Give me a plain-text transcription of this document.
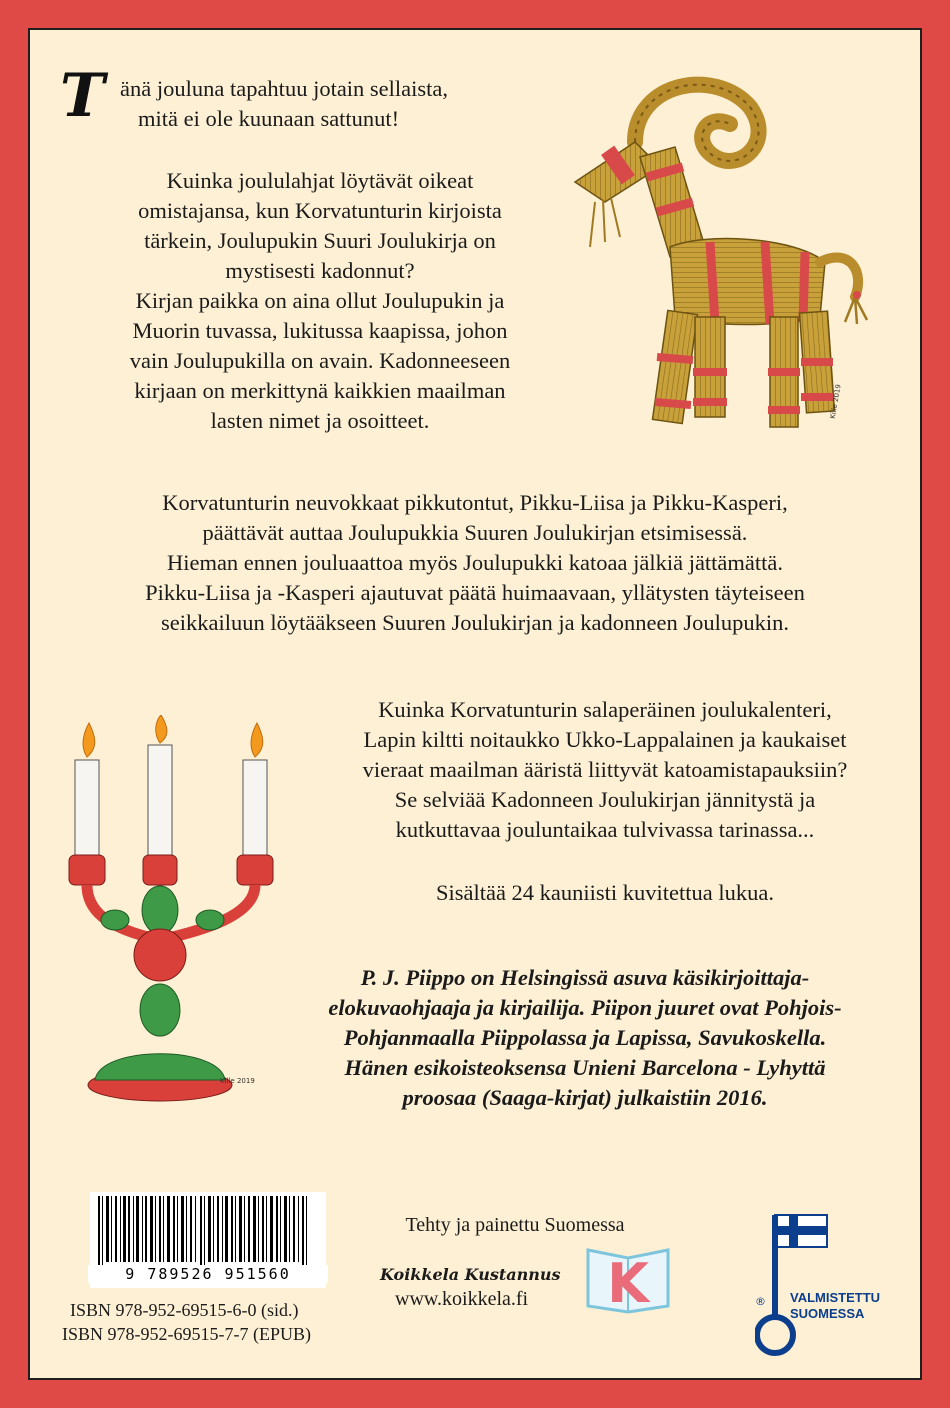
T änä jouluna tapahtuu jotain sellaista,
mitä ei ole kuunaan sattunut!
Kuinka joululahjat löytävät oikeat
omistajansa, kun Korvatunturin kirjoista
tärkein, Joulupukin Suuri Joulukirja on
mystisesti kadonnut?
Kirjan paikka on aina ollut Joulupukin ja
Muorin tuvassa, lukitussa kaapissa, johon
vain Joulupukilla on avain. Kadonneeseen
kirjaan on merkittynä kaikkien maailman
lasten nimet ja osoitteet.
Korvatunturin neuvokkaat pikkutontut, Pikku-Liisa ja Pikku-Kasperi,
päättävät auttaa Joulupukkia Suuren Joulukirjan etsimisessä.
Hieman ennen jouluaattoa myös Joulupukki katoaa jälkiä jättämättä.
Pikku-Liisa ja -Kasperi ajautuvat päätä huimaavaan, yllätysten täyteiseen
seikkailuun löytääkseen Suuren Joulukirjan ja kadonneen Joulupukin.
Kuinka Korvatunturin salaperäinen joulukalenteri,
Lapin kiltti noitaukko Ukko-Lappalainen ja kaukaiset
vieraat maailman ääristä liittyvät katoamistapauksiin?
Se selviää Kadonneen Joulukirjan jännitystä ja
kutkuttavaa jouluntaikaa tulvivassa tarinassa...
Sisältää 24 kauniisti kuvitettua lukua.
P. J. Piippo on Helsingissä asuva käsikirjoittaja-
elokuvaohjaaja ja kirjailija. Piipon juuret ovat Pohjois-
Pohjanmaalla Piippolassa ja Lapissa, Savukoskella.
Hänen esikoisteoksensa Unieni Barcelona - Lyhyttä
proosaa (Saaga-kirjat) julkaistiin 2016.
Kille 2019
Kille 2019
9 789526 951560
ISBN 978-952-69515-6-0 (sid.)
ISBN 978-952-69515-7-7 (EPUB)
Tehty ja painettu Suomessa
Koikkela Kustannus
www.koikkela.fi K	® VALMISTETTU
SUOMESSA
